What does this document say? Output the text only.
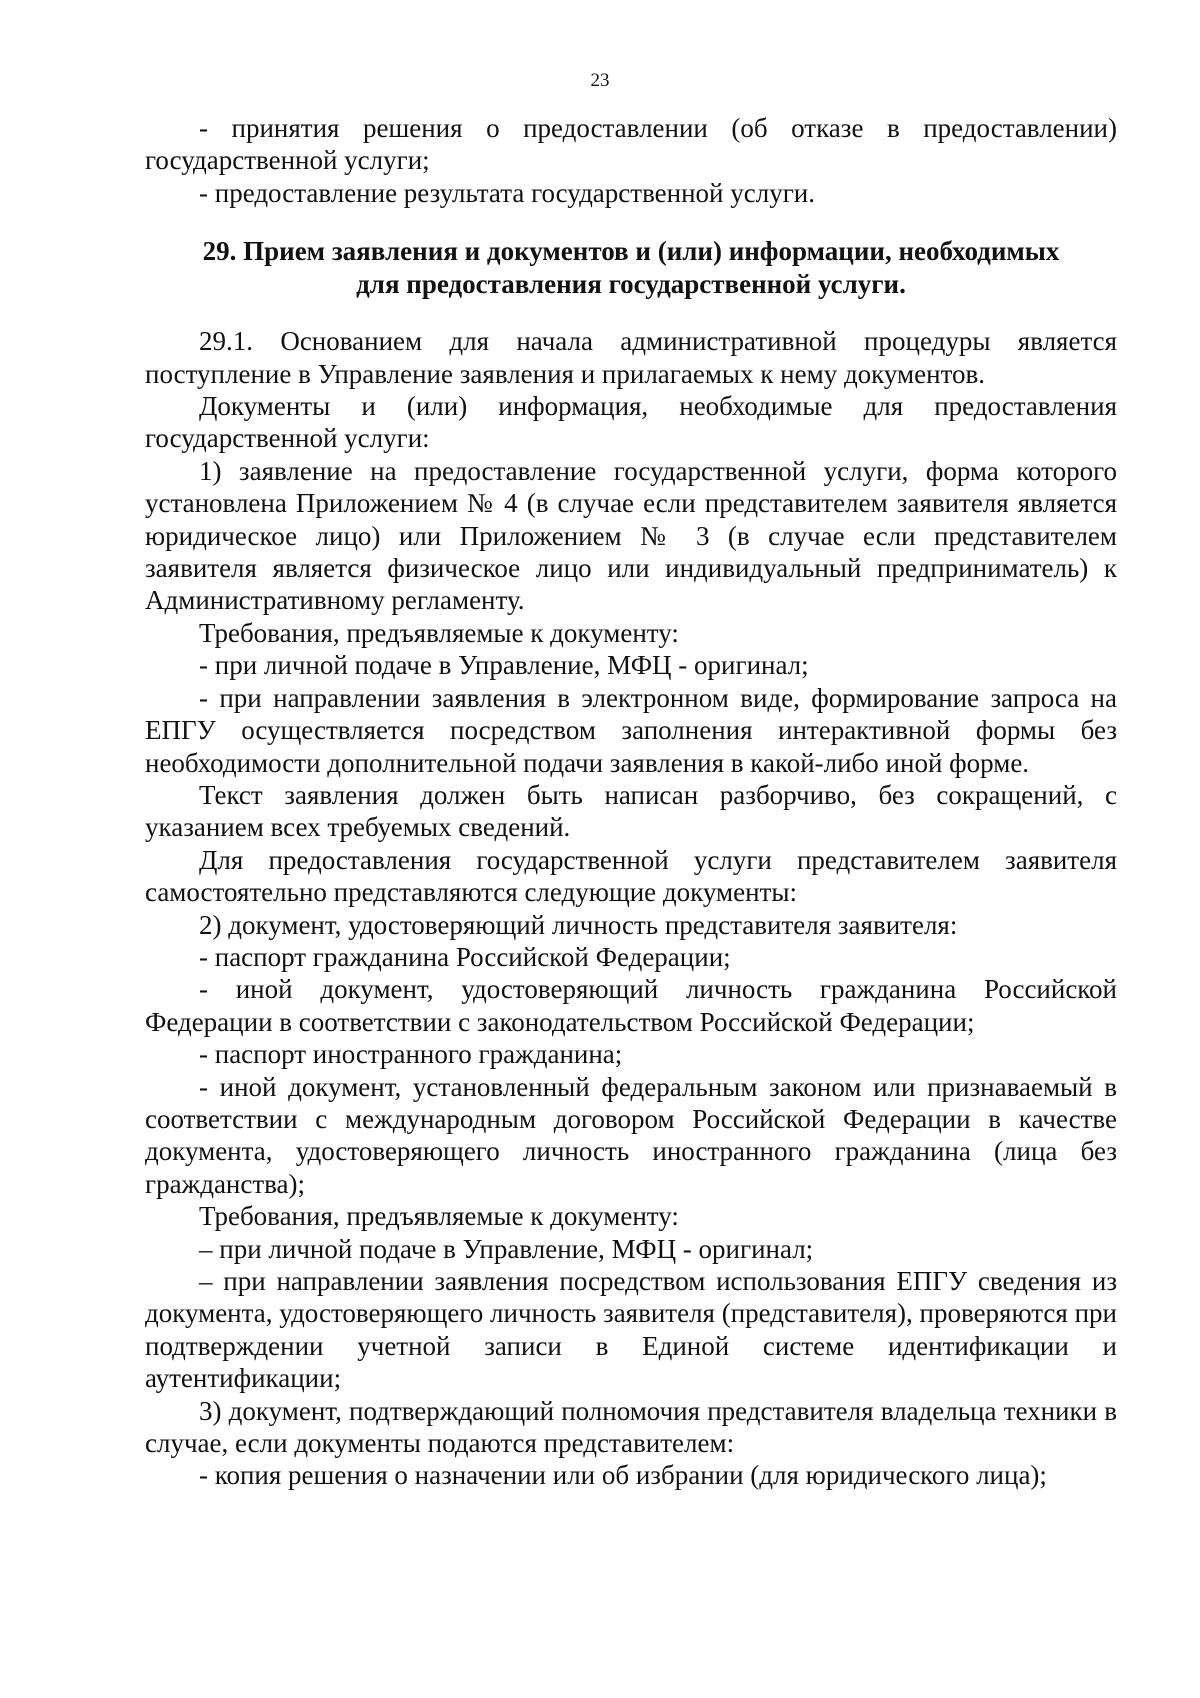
23

- принятия решения о предоставлении (об отказе в предоставлении) государственной услуги;

- предоставление результата государственной услуги.

29. Прием заявления и документов и (или) информации, необходимых
для предоставления государственной услуги.

29.1. Основанием для начала административной процедуры является поступление в Управление заявления и прилагаемых к нему документов.

Документы и (или) информация, необходимые для предоставления государственной услуги:

1) заявление на предоставление государственной услуги, форма которого установлена Приложением № 4 (в случае если представителем заявителя является юридическое лицо) или Приложением № 3 (в случае если представителем заявителя является физическое лицо или индивидуальный предприниматель) к Административному регламенту.

Требования, предъявляемые к документу:

- при личной подаче в Управление, МФЦ - оригинал;

- при направлении заявления в электронном виде, формирование запроса на ЕПГУ осуществляется посредством заполнения интерактивной формы без необходимости дополнительной подачи заявления в какой-либо иной форме.

Текст заявления должен быть написан разборчиво, без сокращений, с указанием всех требуемых сведений.

Для предоставления государственной услуги представителем заявителя самостоятельно представляются следующие документы:

2) документ, удостоверяющий личность представителя заявителя:

- паспорт гражданина Российской Федерации;

- иной документ, удостоверяющий личность гражданина Российской Федерации в соответствии с законодательством Российской Федерации;

- паспорт иностранного гражданина;

- иной документ, установленный федеральным законом или признаваемый в соответствии с международным договором Российской Федерации в качестве документа, удостоверяющего личность иностранного гражданина (лица без гражданства);

Требования, предъявляемые к документу:

– при личной подаче в Управление, МФЦ - оригинал;

– при направлении заявления посредством использования ЕПГУ сведения из документа, удостоверяющего личность заявителя (представителя), проверяются при подтверждении учетной записи в Единой системе идентификации и аутентификации;

3) документ, подтверждающий полномочия представителя владельца техники в случае, если документы подаются представителем:

- копия решения о назначении или об избрании (для юридического лица);
